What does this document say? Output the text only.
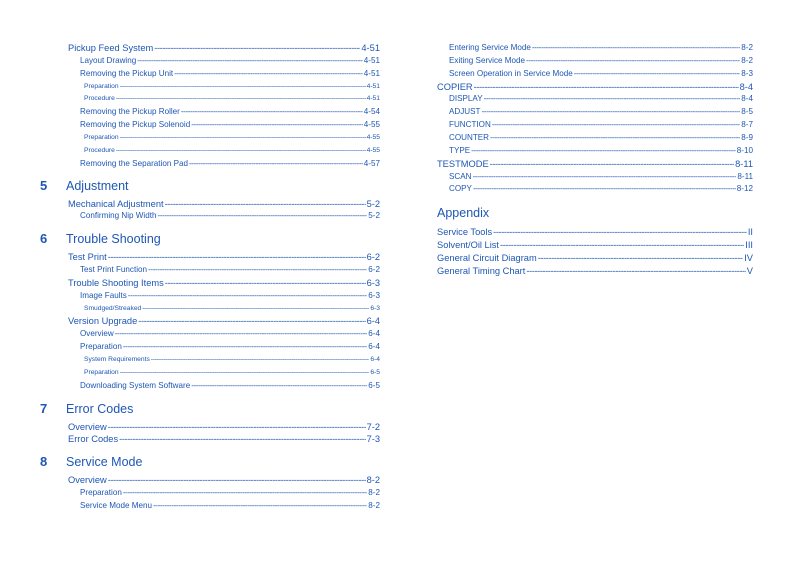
Pickup Feed System -----	4-51
Layout Drawing -----	4-51
Removing the Pickup Unit -----	4-51
Preparation -----	4-51
Procedure -----	4-51
Removing the Pickup Roller -----	4-54
Removing the Pickup Solenoid -----	4-55
Preparation -----	4-55
Procedure -----	4-55
Removing the Separation Pad -----	4-57
5	Adjustment
Mechanical Adjustment -----	5-2
Confirming Nip Width -----	5-2
6	Trouble Shooting
Test Print -----	6-2
Test Print Function -----	6-2
Trouble Shooting Items -----	6-3
Image Faults -----	6-3
Smudged/Streaked -----	6-3
Version Upgrade -----	6-4
Overview -----	6-4
Preparation -----	6-4
System Requirements -----	6-4
Preparation -----	6-5
Downloading System Software -----	6-5
7	Error Codes
Overview -----	7-2
Error Codes -----	7-3
8	Service Mode
Overview -----	8-2
Preparation -----	8-2
Service Mode Menu -----	8-2
Entering Service Mode -----	8-2
Exiting Service Mode -----	8-2
Screen Operation in Service Mode -----	8-3
COPIER -----	8-4
DISPLAY -----	8-4
ADJUST -----	8-5
FUNCTION -----	8-7
COUNTER -----	8-9
TYPE -----	8-10
TESTMODE -----	8-11
SCAN -----	8-11
COPY -----	8-12
Appendix
Service Tools -----	II
Solvent/Oil List -----	III
General Circuit Diagram -----	IV
General Timing Chart -----	V
